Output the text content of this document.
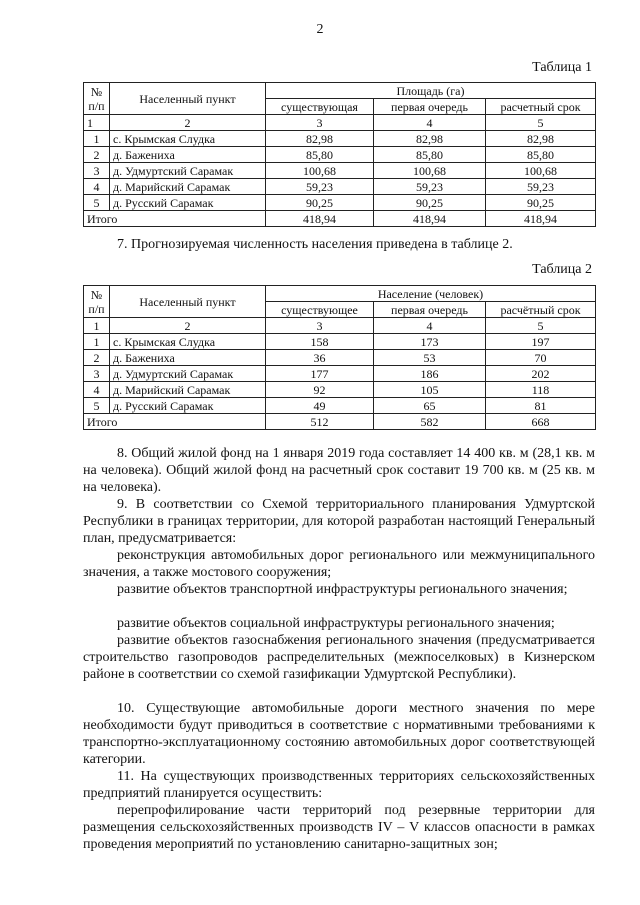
2
Таблица 1
№ п/п	Населенный пункт	Площадь (га)		
		существующая	первая очередь	расчетный срок
1	2	3	4	5
1	с. Крымская Слудка	82,98	82,98	82,98
2	д. Бажениха	85,80	85,80	85,80
3	д. Удмуртский Сарамак	100,68	100,68	100,68
4	д. Марийский Сарамак	59,23	59,23	59,23
5	д. Русский Сарамак	90,25	90,25	90,25
Итого		418,94	418,94	418,94

7. Прогнозируемая численность населения приведена в таблице 2.

Таблица 2
№ п/п	Населенный пункт	Население (человек)		
		существующее	первая очередь	расчётный срок
1	2	3	4	5
1	с. Крымская Слудка	158	173	197
2	д. Бажениха	36	53	70
3	д. Удмуртский Сарамак	177	186	202
4	д. Марийский Сарамак	92	105	118
5	д. Русский Сарамак	49	65	81
Итого		512	582	668

8. Общий жилой фонд на 1 января 2019 года составляет 14 400 кв. м (28,1 кв. м на человека). Общий жилой фонд на расчетный срок составит 19 700 кв. м (25 кв. м на человека).

9. В соответствии со Схемой территориального планирования Удмуртской Республики в границах территории, для которой разработан настоящий Генеральный план, предусматривается:

реконструкция автомобильных дорог регионального или межмуниципального значения, а также мостового сооружения;

развитие объектов транспортной инфраструктуры регионального значения;

развитие объектов социальной инфраструктуры регионального значения;

развитие объектов газоснабжения регионального значения (предусматривается строительство газопроводов распределительных (межпоселковых) в Кизнерском районе в соответствии со схемой газификации Удмуртской Республики).

10. Существующие автомобильные дороги местного значения по мере необходимости будут приводиться в соответствие с нормативными требованиями к транспортно-эксплуатационному состоянию автомобильных дорог соответствующей категории.

11. На существующих производственных территориях сельскохозяйственных предприятий планируется осуществить:

перепрофилирование части территорий под резервные территории для размещения сельскохозяйственных производств IV – V классов опасности в рамках проведения мероприятий по установлению санитарно-защитных зон;
